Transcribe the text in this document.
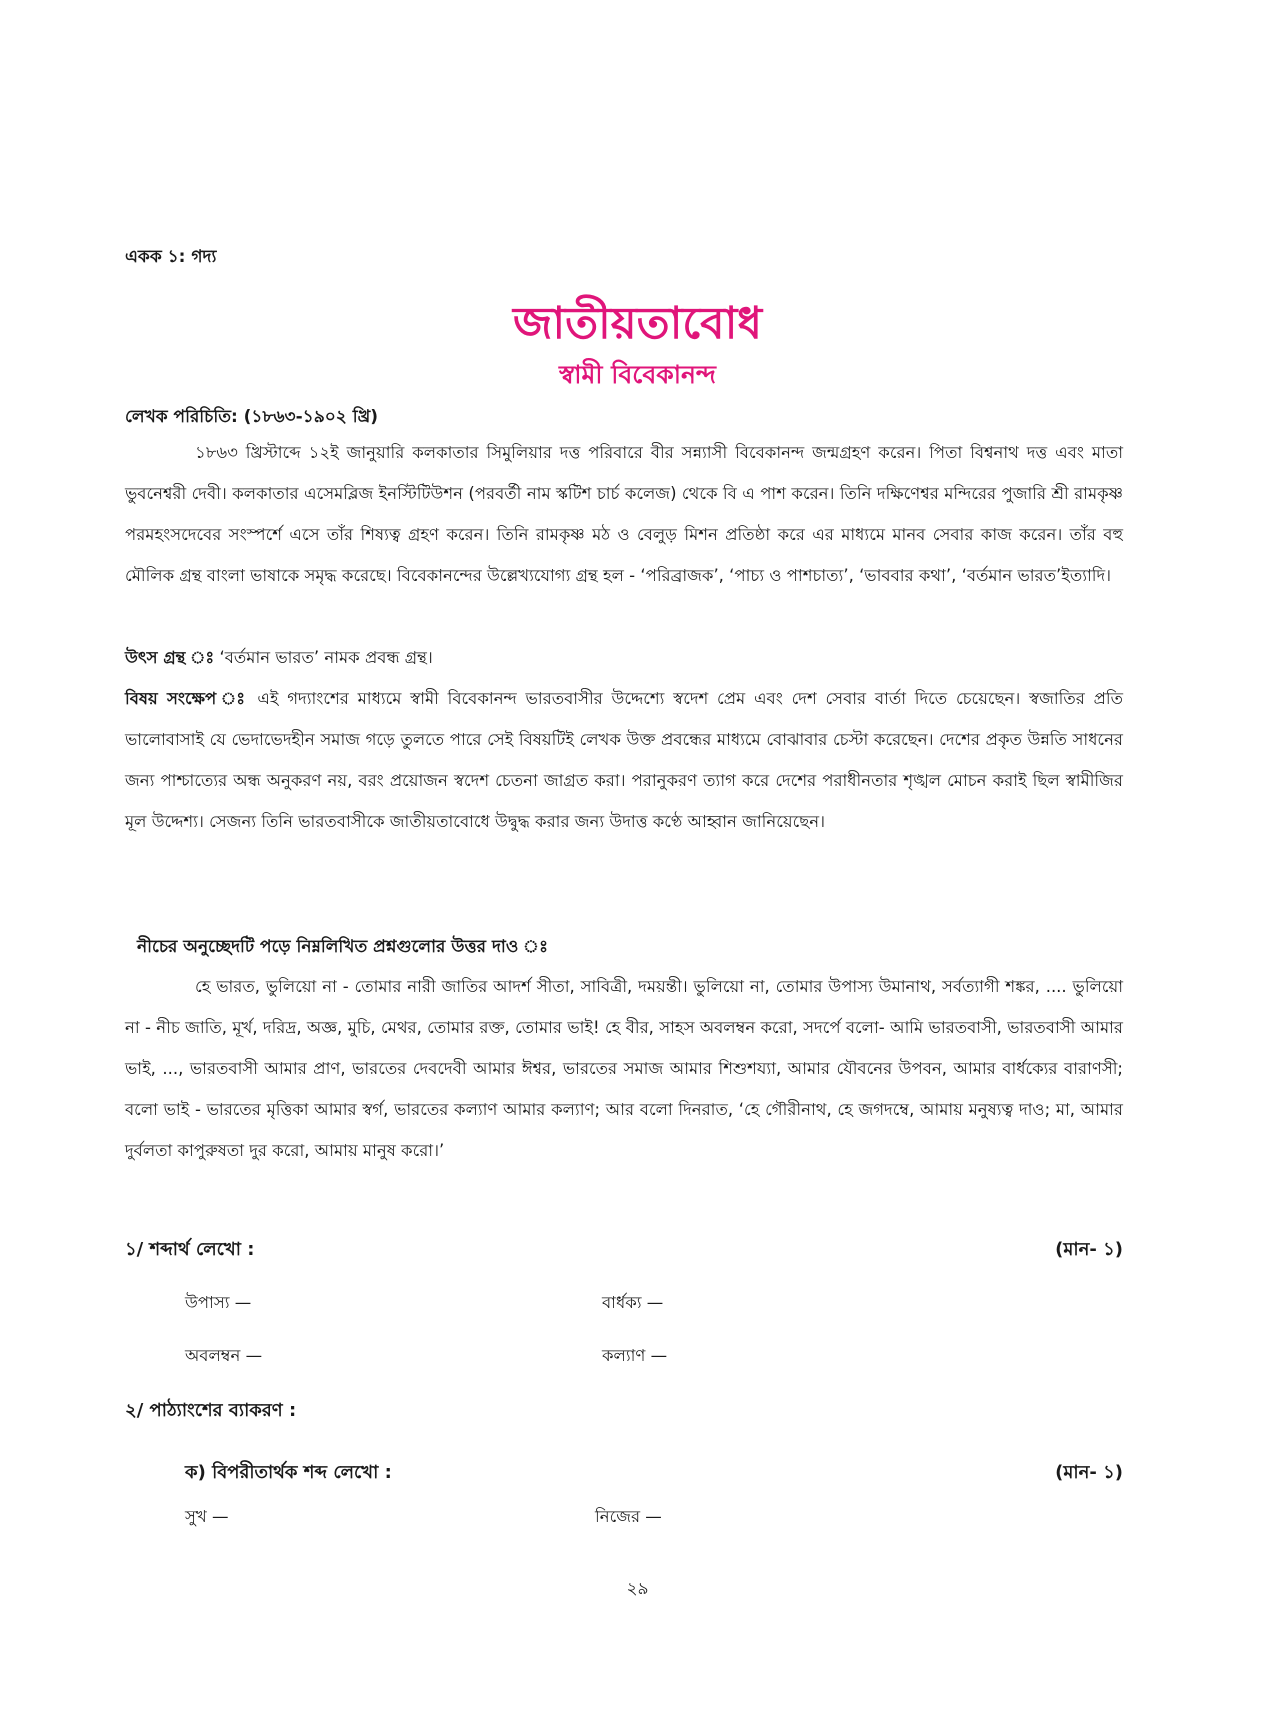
একক ১: গদ্য
জাতীয়তাবোধ
স্বামী বিবেকানন্দ
লেখক পরিচিতি: (১৮৬৩-১৯০২ খ্রি)
১৮৬৩ খ্রিস্টাব্দে ১২ই জানুয়ারি কলকাতার সিমুলিয়ার দত্ত পরিবারে বীর সন্ন্যাসী বিবেকানন্দ জন্মগ্রহণ করেন। পিতা বিশ্বনাথ দত্ত এবং মাতা ভুবনেশ্বরী দেবী। কলকাতার এসেমব্লিজ ইনস্টিটিউশন (পরবর্তী নাম স্কটিশ চার্চ কলেজ) থেকে বি এ পাশ করেন। তিনি দক্ষিণেশ্বর মন্দিরের পুজারি শ্রী রামকৃষ্ণ পরমহংসদেবের সংস্পর্শে এসে তাঁর শিষ্যত্ব গ্রহণ করেন। তিনি রামকৃষ্ণ মঠ ও বেলুড় মিশন প্রতিষ্ঠা করে এর মাধ্যমে মানব সেবার কাজ করেন। তাঁর বহু মৌলিক গ্রন্থ বাংলা ভাষাকে সমৃদ্ধ করেছে। বিবেকানন্দের উল্লেখ্যযোগ্য গ্রন্থ হল - ‘পরিব্রাজক’, ‘পাচ্য ও পাশচাত্য’, ‘ভাববার কথা’, ‘বর্তমান ভারত’ইত্যাদি।
উৎস গ্রন্থ ঃ ‘বর্তমান ভারত’ নামক প্রবন্ধ গ্রন্থ।
বিষয় সংক্ষেপ ঃ এই গদ্যাংশের মাধ্যমে স্বামী বিবেকানন্দ ভারতবাসীর উদ্দেশ্যে স্বদেশ প্রেম এবং দেশ সেবার বার্তা দিতে চেয়েছেন। স্বজাতির প্রতি ভালোবাসাই যে ভেদাভেদহীন সমাজ গড়ে তুলতে পারে সেই বিষয়টিই লেখক উক্ত প্রবন্ধের মাধ্যমে বোঝাবার চেস্টা করেছেন। দেশের প্রকৃত উন্নতি সাধনের জন্য পাশ্চাত্যের অন্ধ অনুকরণ নয়, বরং প্রয়োজন স্বদেশ চেতনা জাগ্রত করা। পরানুকরণ ত্যাগ করে দেশের পরাধীনতার শৃঙ্খল মোচন করাই ছিল স্বামীজির মূল উদ্দেশ্য। সেজন্য তিনি ভারতবাসীকে জাতীয়তাবোধে উদ্বুদ্ধ করার জন্য উদাত্ত কণ্ঠে আহ্বান জানিয়েছেন।
নীচের অনুচ্ছেদটি পড়ে নিম্নলিখিত প্রশ্নগুলোর উত্তর দাও ঃ
হে ভারত, ভুলিয়ো না - তোমার নারী জাতির আদর্শ সীতা, সাবিত্রী, দময়ন্তী। ভুলিয়ো না, তোমার উপাস্য উমানাথ, সর্বত্যাগী শঙ্কর, .... ভুলিয়ো না - নীচ জাতি, মূর্খ, দরিদ্র, অজ্ঞ, মুচি, মেথর, তোমার রক্ত, তোমার ভাই! হে বীর, সাহস অবলম্বন করো, সদর্পে বলো- আমি ভারতবাসী, ভারতবাসী আমার ভাই, ..., ভারতবাসী আমার প্রাণ, ভারতের দেবদেবী আমার ঈশ্বর, ভারতের সমাজ আমার শিশুশয্যা, আমার যৌবনের উপবন, আমার বার্ধক্যের বারাণসী; বলো ভাই - ভারতের মৃত্তিকা আমার স্বর্গ, ভারতের কল্যাণ আমার কল্যাণ; আর বলো দিনরাত, ‘হে গৌরীনাথ, হে জগদম্বে, আমায় মনুষ্যত্ব দাও; মা, আমার দুর্বলতা কাপুরুষতা দুর করো, আমায় মানুষ করো।’
১/ শব্দার্থ লেখো :	(মান- ১)
উপাস্য —	বার্ধক্য —
অবলম্বন —	কল্যাণ —
২/ পাঠ্যাংশের ব্যাকরণ :
ক) বিপরীতার্থক শব্দ লেখো :	(মান- ১)
সুখ —	নিজের —
২৯
